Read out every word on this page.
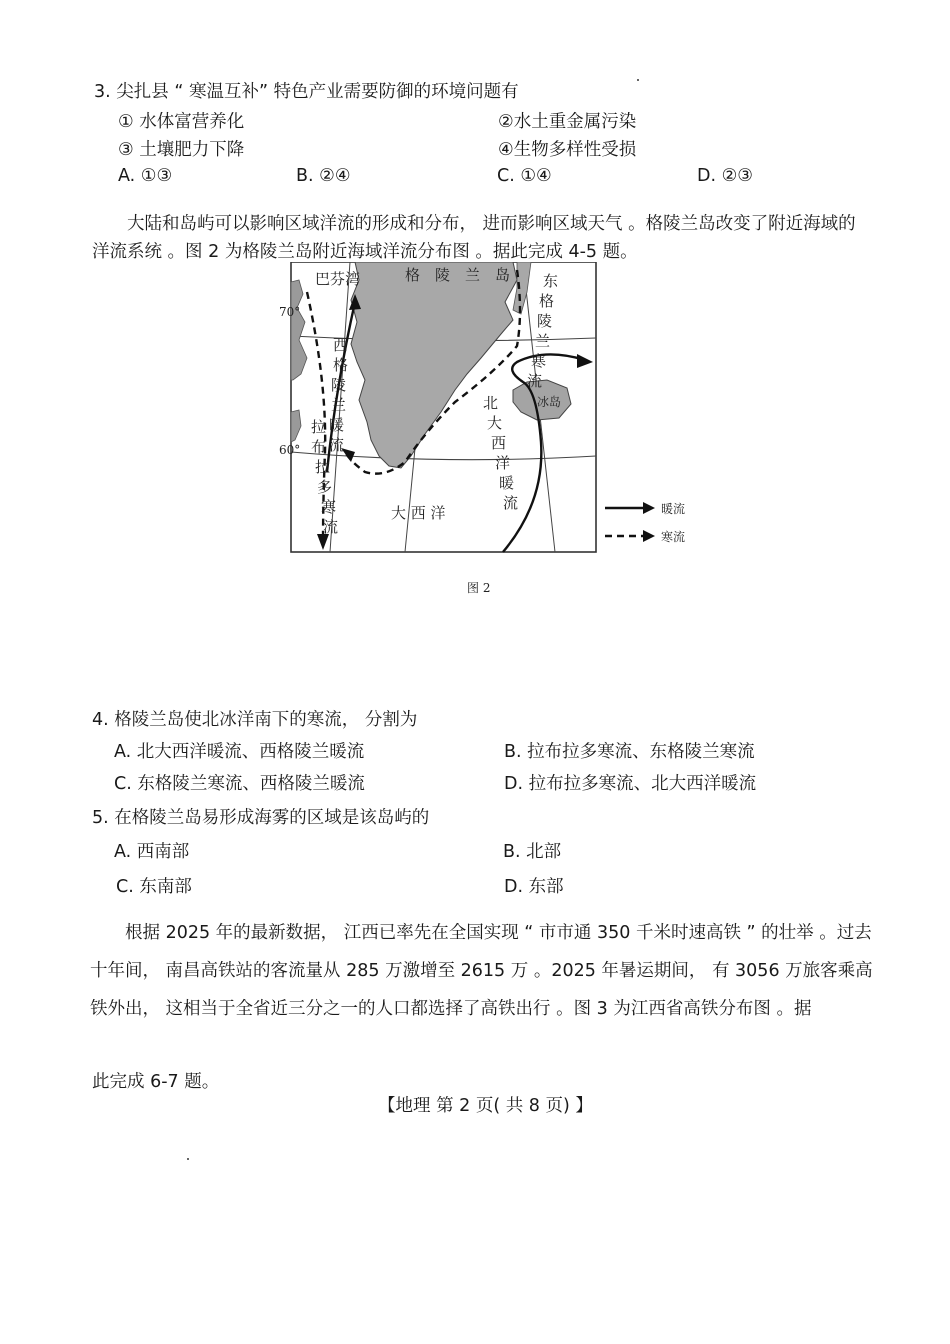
3. 尖扎县 “ 寒温互补” 特色产业需要防御的环境问题有
① 水体富营养化	②水土重金属污染
③ 土壤肥力下降	④生物多样性受损
A. ①③	B. ②④	C. ①④	D. ②③
大陆和岛屿可以影响区域洋流的形成和分布， 进而影响区域天气 。格陵兰岛改变了附近海域的洋流系统 。图 2 为格陵兰岛附近海域洋流分布图 。据此完成 4-5 题。
70°
60°
巴芬湾	格 陵 兰 岛 东
格
陵
兰
寒
流
西
格
陵
兰
暖
流
拉
布
拉
多
寒
流
北
大
西
洋
暖
流
冰岛
大 西 洋	暖流
寒流
图 2
4. 格陵兰岛使北冰洋南下的寒流， 分割为
A. 北大西洋暖流、西格陵兰暖流	B. 拉布拉多寒流、东格陵兰寒流
C. 东格陵兰寒流、西格陵兰暖流	D. 拉布拉多寒流、北大西洋暖流
5. 在格陵兰岛易形成海雾的区域是该岛屿的
A. 西南部	B. 北部
C. 东南部	D. 东部
根据 2025 年的最新数据， 江西已率先在全国实现 “ 市市通 350 千米时速高铁 ” 的壮举 。过去十年间， 南昌高铁站的客流量从 285 万激增至 2615 万 。2025 年暑运期间， 有 3056 万旅客乘高铁外出， 这相当于全省近三分之一的人口都选择了高铁出行 。图 3 为江西省高铁分布图 。据
此完成 6-7 题。
【地理 第 2 页( 共 8 页) 】
